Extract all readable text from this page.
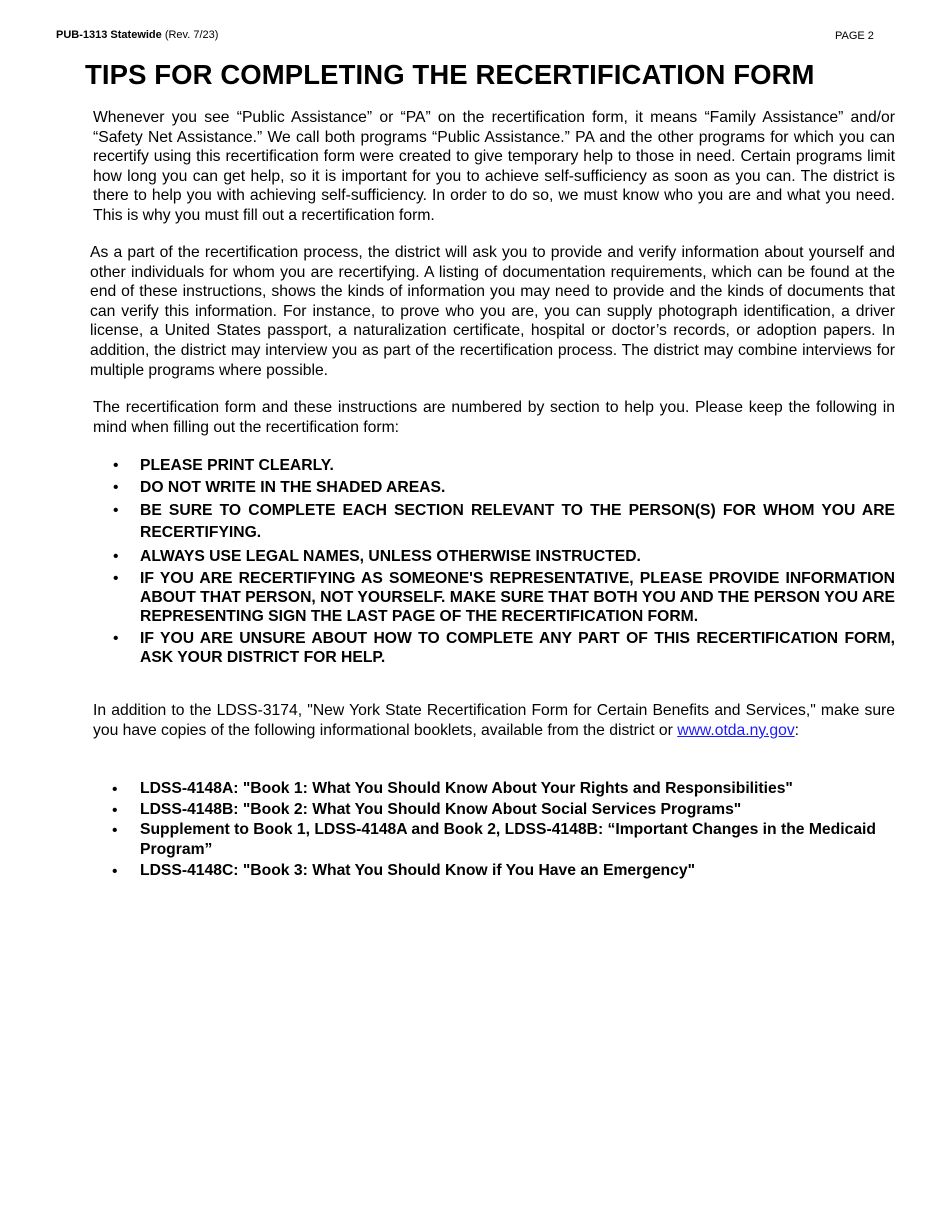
PUB-1313 Statewide (Rev. 7/23)	PAGE 2
TIPS FOR COMPLETING THE RECERTIFICATION FORM

Whenever you see “Public Assistance” or “PA” on the recertification form, it means “Family Assistance” and/or “Safety Net Assistance.” We call both programs “Public Assistance.” PA and the other programs for which you can recertify using this recertification form were created to give temporary help to those in need. Certain programs limit how long you can get help, so it is important for you to achieve self-sufficiency as soon as you can. The district is there to help you with achieving self-sufficiency. In order to do so, we must know who you are and what you need. This is why you must fill out a recertification form.

As a part of the recertification process, the district will ask you to provide and verify information about yourself and other individuals for whom you are recertifying. A listing of documentation requirements, which can be found at the end of these instructions, shows the kinds of information you may need to provide and the kinds of documents that can verify this information. For instance, to prove who you are, you can supply photograph identification, a driver license, a United States passport, a naturalization certificate, hospital or doctor’s records, or adoption papers. In addition, the district may interview you as part of the recertification process. The district may combine interviews for multiple programs where possible.

The recertification form and these instructions are numbered by section to help you. Please keep the following in mind when filling out the recertification form:

• PLEASE PRINT CLEARLY.
• DO NOT WRITE IN THE SHADED AREAS.
• BE SURE TO COMPLETE EACH SECTION RELEVANT TO THE PERSON(S) FOR WHOM YOU ARE RECERTIFYING.
• ALWAYS USE LEGAL NAMES, UNLESS OTHERWISE INSTRUCTED.
• IF YOU ARE RECERTIFYING AS SOMEONE'S REPRESENTATIVE, PLEASE PROVIDE INFORMATION ABOUT THAT PERSON, NOT YOURSELF. MAKE SURE THAT BOTH YOU AND THE PERSON YOU ARE REPRESENTING SIGN THE LAST PAGE OF THE RECERTIFICATION FORM.
• IF YOU ARE UNSURE ABOUT HOW TO COMPLETE ANY PART OF THIS RECERTIFICATION FORM, ASK YOUR DISTRICT FOR HELP.

In addition to the LDSS-3174, "New York State Recertification Form for Certain Benefits and Services," make sure you have copies of the following informational booklets, available from the district or www.otda.ny.gov:

• LDSS-4148A: "Book 1: What You Should Know About Your Rights and Responsibilities"
• LDSS-4148B: "Book 2: What You Should Know About Social Services Programs"
• Supplement to Book 1, LDSS-4148A and Book 2, LDSS-4148B: “Important Changes in the Medicaid Program”
• LDSS-4148C: "Book 3: What You Should Know if You Have an Emergency"
